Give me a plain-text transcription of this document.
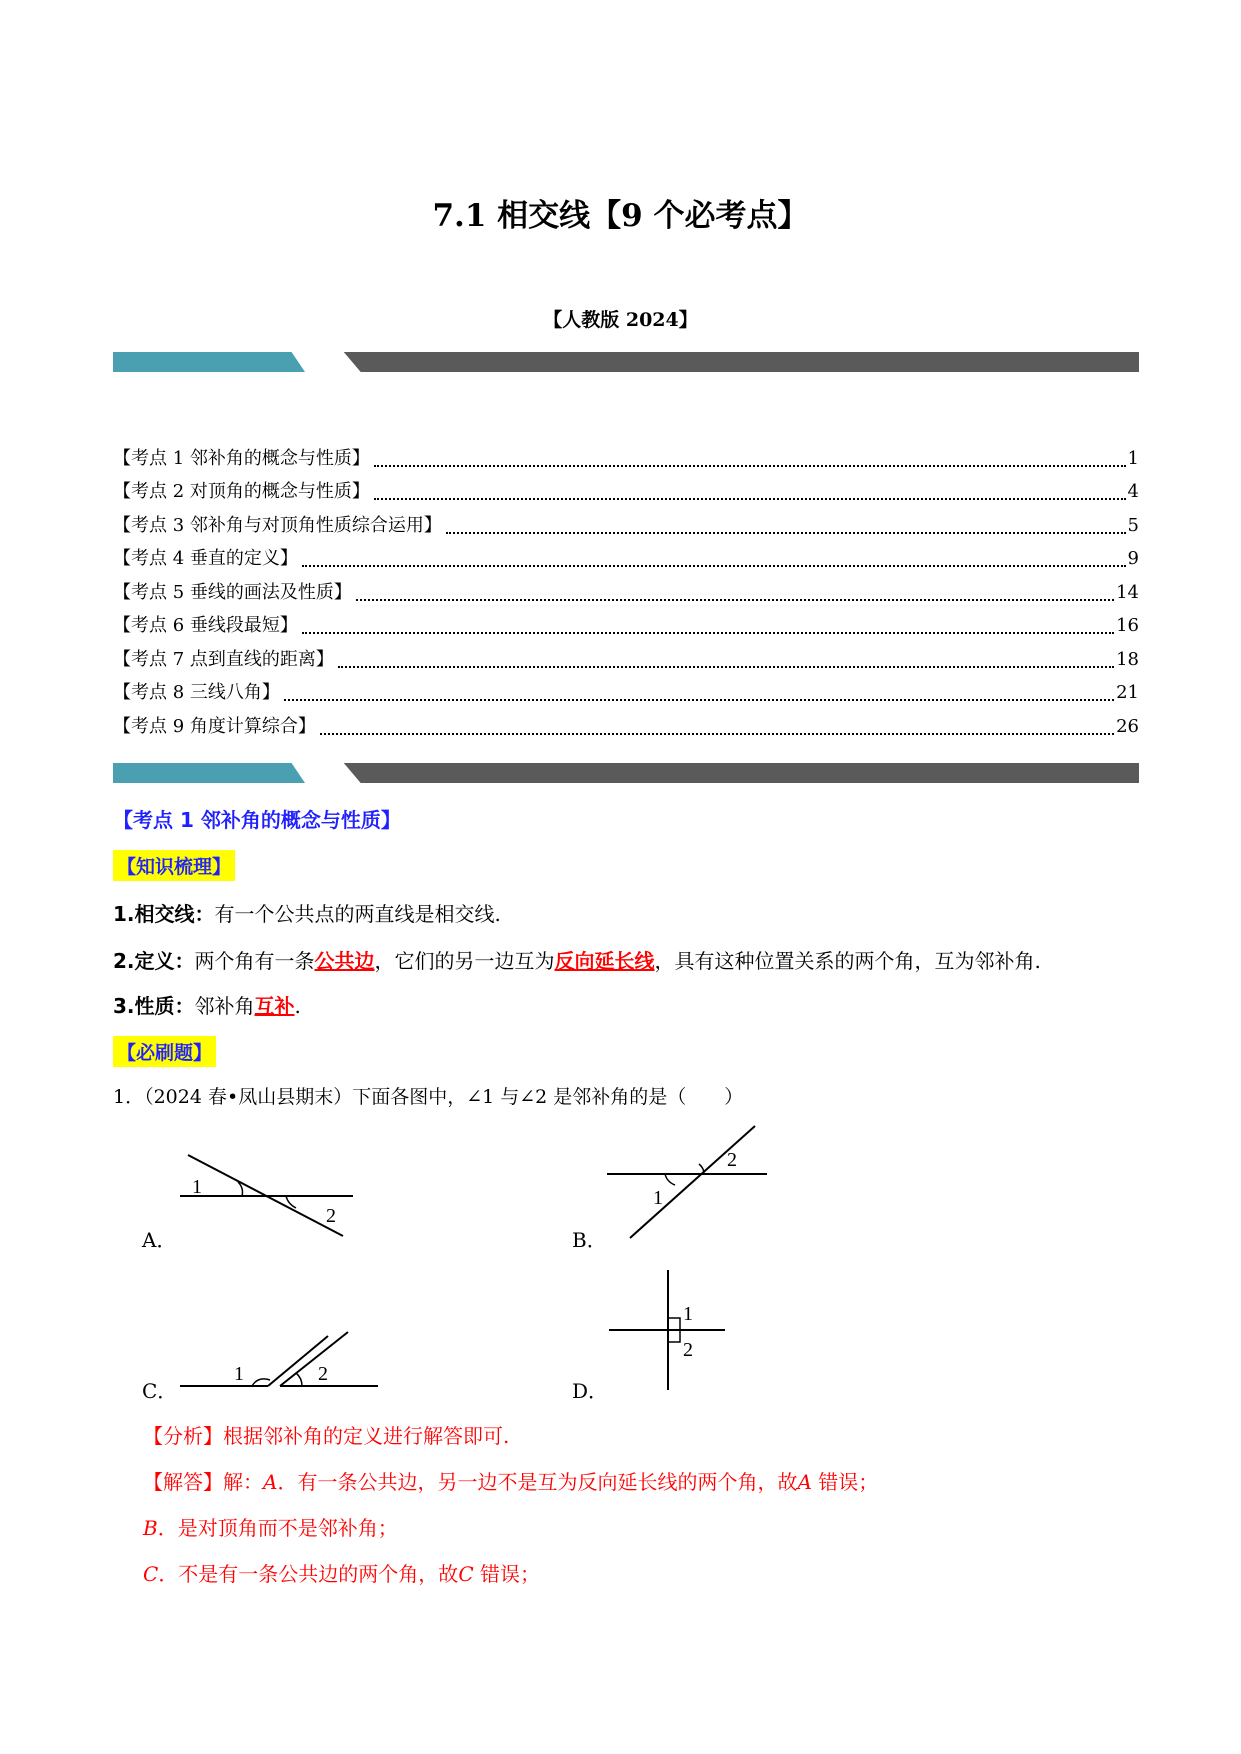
7.1 相交线【9 个必考点】
【人教版 2024】
【考点 1 邻补角的概念与性质】	1
【考点 2 对顶角的概念与性质】	4
【考点 3 邻补角与对顶角性质综合运用】	5
【考点 4 垂直的定义】	9
【考点 5 垂线的画法及性质】	14
【考点 6 垂线段最短】	16
【考点 7 点到直线的距离】	18
【考点 8 三线八角】	21
【考点 9 角度计算综合】	26
【考点 1 邻补角的概念与性质】
【知识梳理】
1.相交线：有一个公共点的两直线是相交线.
2.定义：两个角有一条公共边，它们的另一边互为反向延长线，具有这种位置关系的两个角，互为邻补角.
3.性质：邻补角互补.
【必刷题】
1．（2024 春•凤山县期末）下面各图中，∠1 与∠2 是邻补角的是（　　）
1
2
A．
1
2
B．
1	2
C．
1
2
D．
【分析】根据邻补角的定义进行解答即可.
【解答】解：A．有一条公共边，另一边不是互为反向延长线的两个角，故A 错误；
B．是对顶角而不是邻补角；
C．不是有一条公共边的两个角，故C 错误；
